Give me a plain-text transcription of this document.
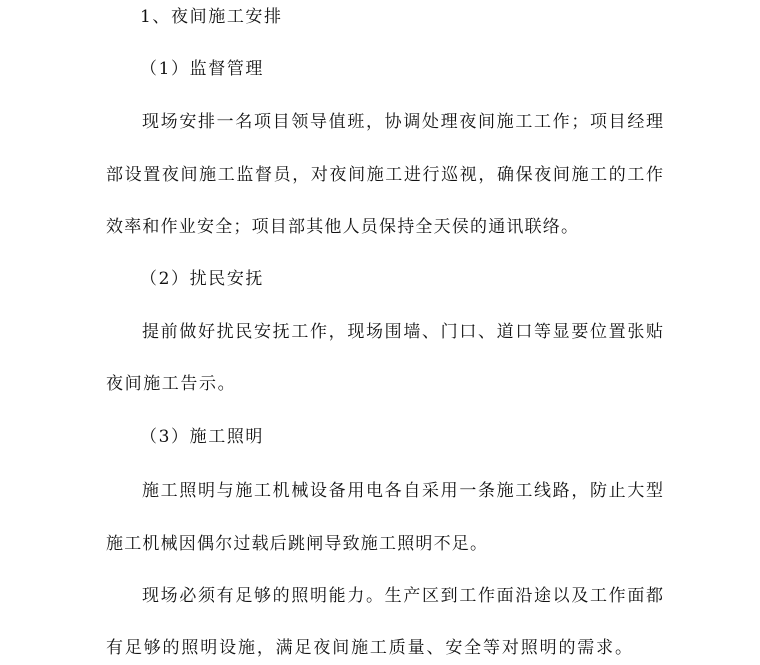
1、夜间施工安排
（1）监督管理
现场安排一名项目领导值班，协调处理夜间施工工作；项目经理
部设置夜间施工监督员，对夜间施工进行巡视，确保夜间施工的工作
效率和作业安全；项目部其他人员保持全天侯的通讯联络。
（2）扰民安抚
提前做好扰民安抚工作，现场围墙、门口、道口等显要位置张贴
夜间施工告示。
（3）施工照明
施工照明与施工机械设备用电各自采用一条施工线路，防止大型
施工机械因偶尔过载后跳闸导致施工照明不足。
现场必须有足够的照明能力。生产区到工作面沿途以及工作面都
有足够的照明设施，满足夜间施工质量、安全等对照明的需求。
